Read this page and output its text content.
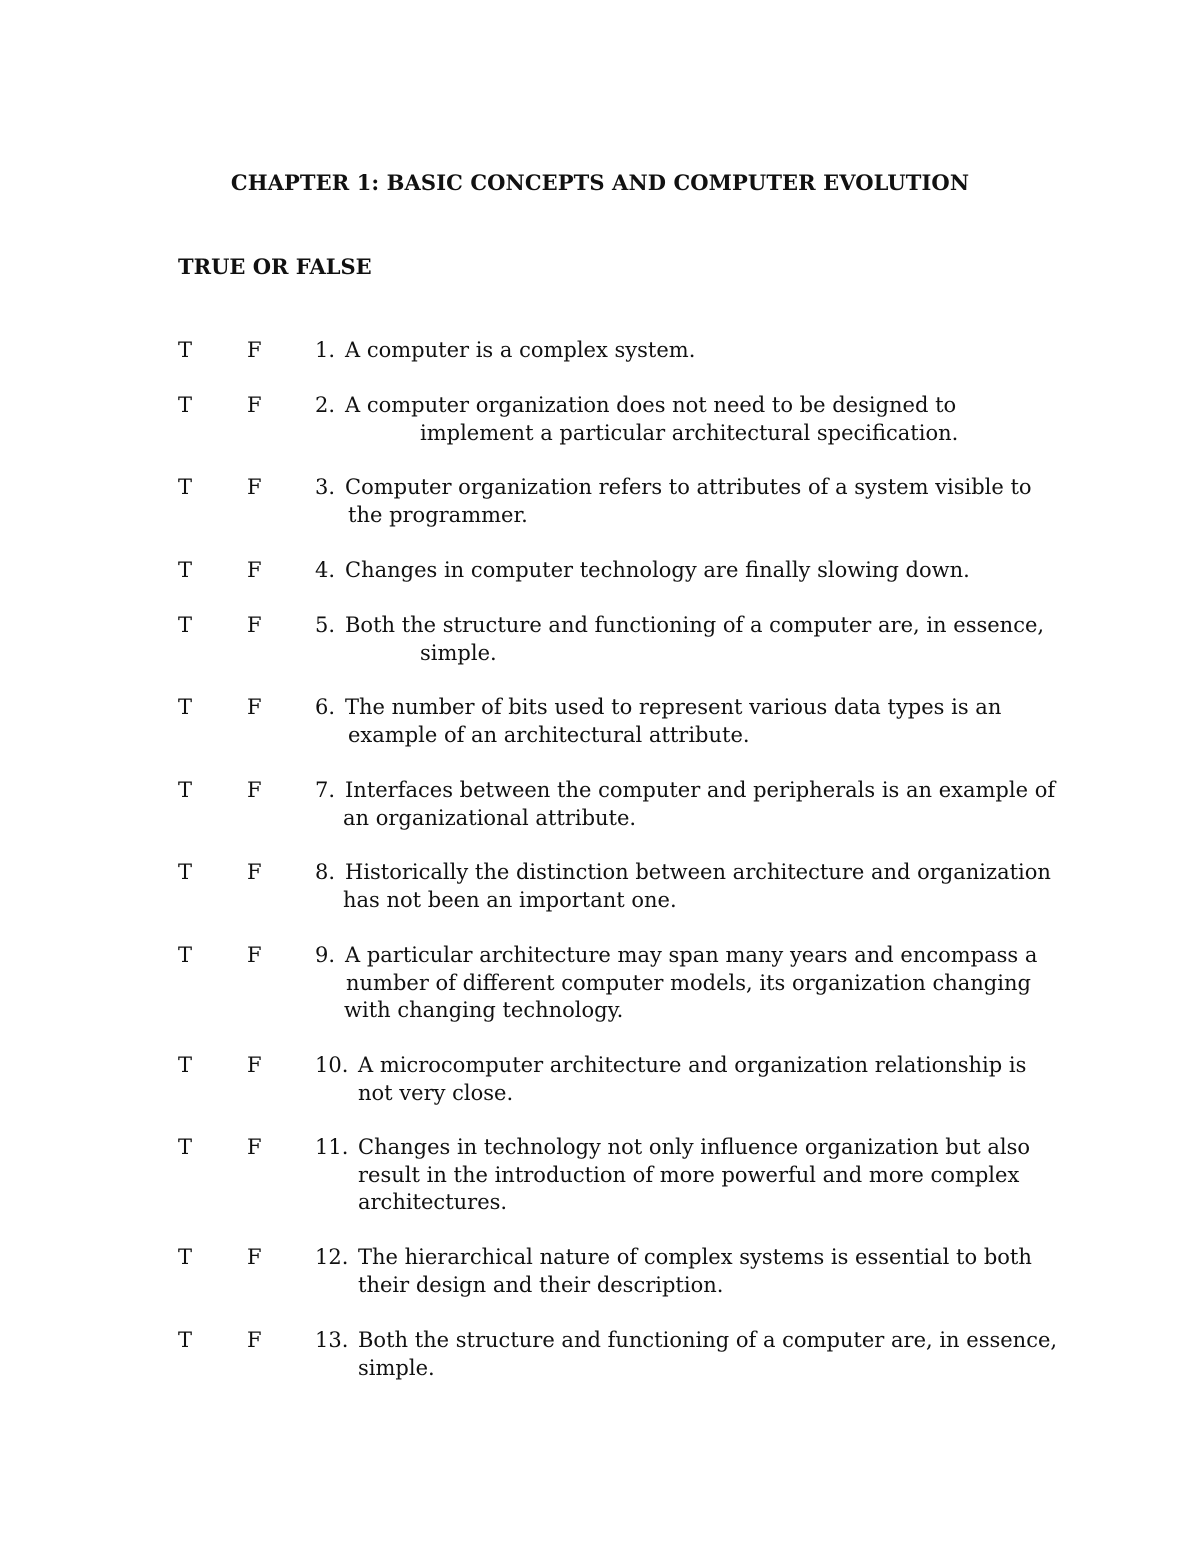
CHAPTER 1: BASIC CONCEPTS AND COMPUTER EVOLUTION
TRUE OR FALSE
T	F	1. A computer is a complex system.
T	F	2. A computer organization does not need to be designed to
implement a particular architectural specification.
T	F	3. Computer organization refers to attributes of a system visible to
the programmer.
T	F	4. Changes in computer technology are finally slowing down.
T	F	5. Both the structure and functioning of a computer are, in essence,
simple.
T	F	6. The number of bits used to represent various data types is an
example of an architectural attribute.
T	F	7. Interfaces between the computer and peripherals is an example of
an organizational attribute.
T	F	8. Historically the distinction between architecture and organization
has not been an important one.
T	F	9. A particular architecture may span many years and encompass a
number of different computer models, its organization changing
with changing technology.
T	F	10. A microcomputer architecture and organization relationship is
not very close.
T	F	11. Changes in technology not only influence organization but also
result in the introduction of more powerful and more complex
architectures.
T	F	12. The hierarchical nature of complex systems is essential to both
their design and their description.
T	F	13. Both the structure and functioning of a computer are, in essence,
simple.
